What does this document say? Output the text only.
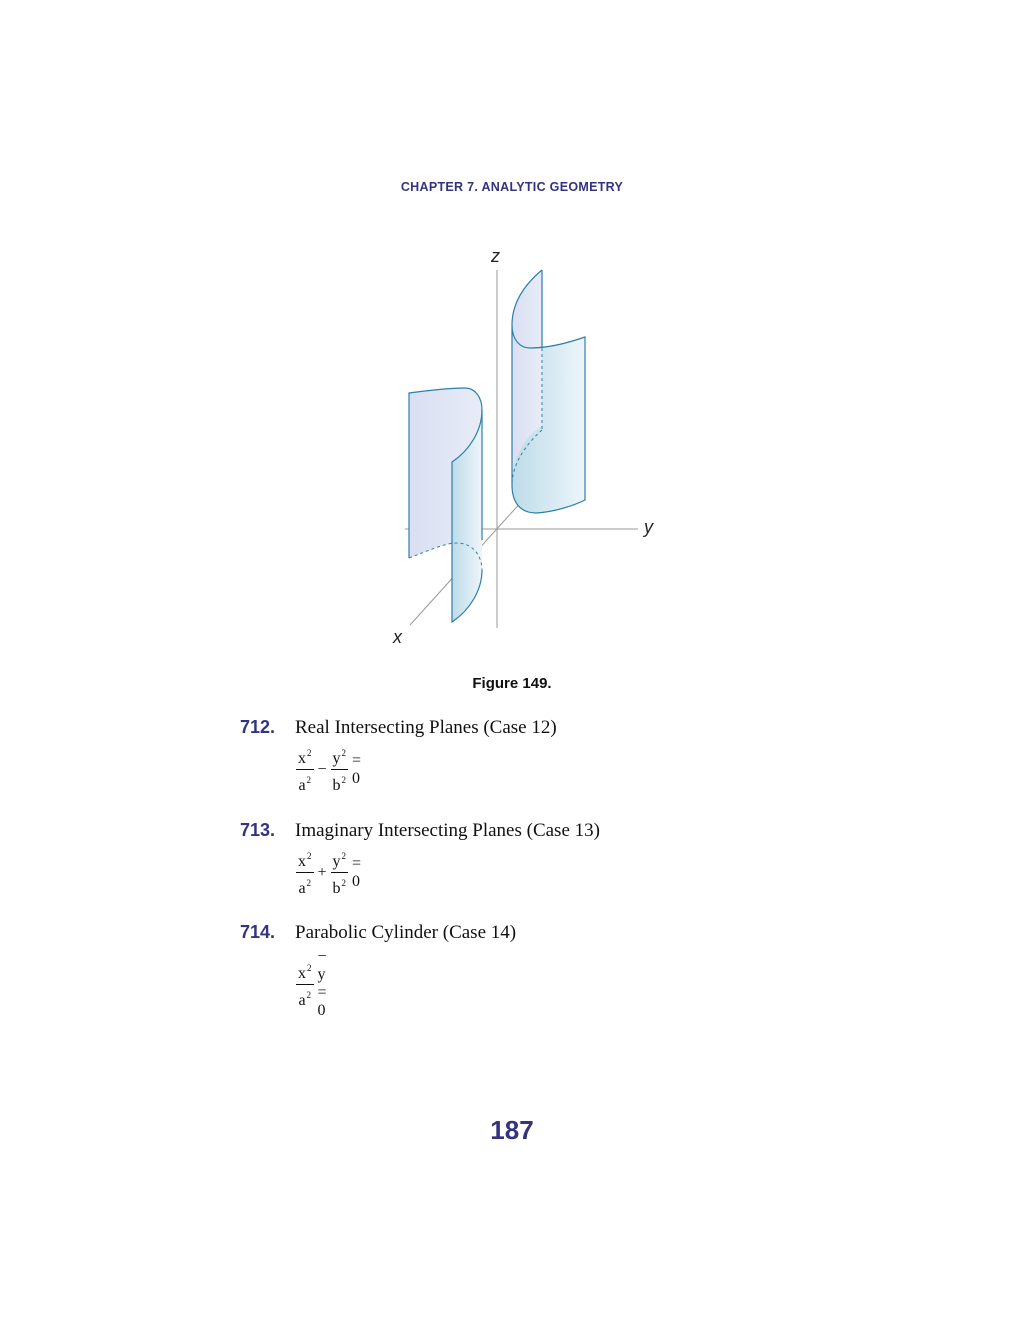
CHAPTER 7. ANALYTIC GEOMETRY
z
y
x
Figure 149.
712. Real Intersecting Planes (Case 12)
$\frac{x^2}{a^2} - \frac{y^2}{b^2} = 0$
713. Imaginary Intersecting Planes (Case 13)
$\frac{x^2}{a^2} + \frac{y^2}{b^2} = 0$
714. Parabolic Cylinder (Case 14)
$\frac{x^2}{a^2}$
− y = 0
187
